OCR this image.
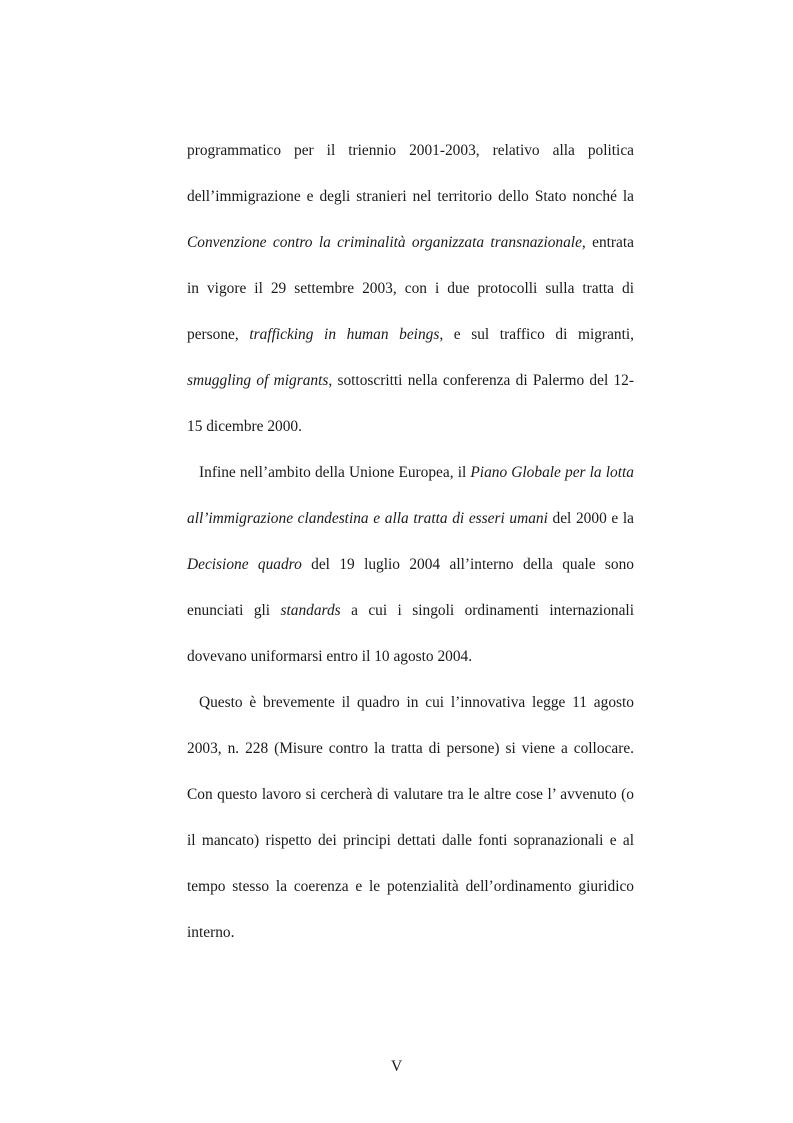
programmatico per il triennio 2001-2003, relativo alla politica dell’immigrazione e degli stranieri nel territorio dello Stato nonché la Convenzione contro la criminalità organizzata transnazionale, entrata in vigore il 29 settembre 2003, con i due protocolli sulla tratta di persone, trafficking in human beings, e sul traffico di migranti, smuggling of migrants, sottoscritti nella conferenza di Palermo del 12-15 dicembre 2000.

Infine nell’ambito della Unione Europea, il Piano Globale per la lotta all’immigrazione clandestina e alla tratta di esseri umani del 2000 e la Decisione quadro del 19 luglio 2004 all’interno della quale sono enunciati gli standards a cui i singoli ordinamenti internazionali dovevano uniformarsi entro il 10 agosto 2004.

Questo è brevemente il quadro in cui l’innovativa legge 11 agosto 2003, n. 228 (Misure contro la tratta di persone) si viene a collocare. Con questo lavoro si cercherà di valutare tra le altre cose l’ avvenuto (o il mancato) rispetto dei principi dettati dalle fonti sopranazionali e al tempo stesso la coerenza e le potenzialità dell’ordinamento giuridico interno.

V
